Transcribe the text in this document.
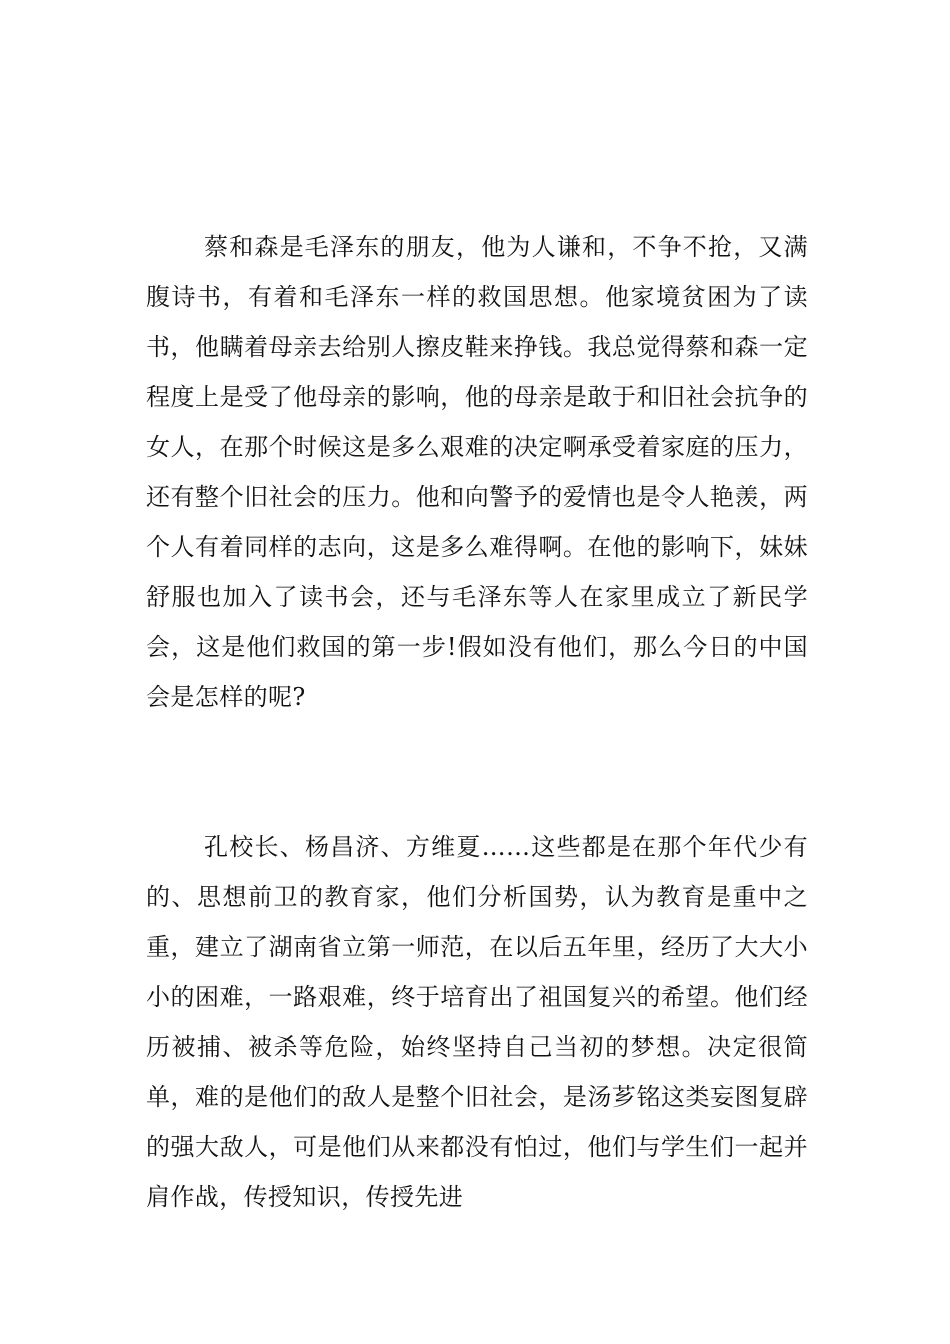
蔡和森是毛泽东的朋友，他为人谦和，不争不抢，又满腹诗书，有着和毛泽东一样的救国思想。他家境贫困为了读书，他瞒着母亲去给别人擦皮鞋来挣钱。我总觉得蔡和森一定程度上是受了他母亲的影响，他的母亲是敢于和旧社会抗争的女人，在那个时候这是多么艰难的决定啊承受着家庭的压力，还有整个旧社会的压力。他和向警予的爱情也是令人艳羡，两个人有着同样的志向，这是多么难得啊。在他的影响下，妹妹舒服也加入了读书会，还与毛泽东等人在家里成立了新民学会，这是他们救国的第一步!假如没有他们，那么今日的中国会是怎样的呢?

孔校长、杨昌济、方维夏……这些都是在那个年代少有的、思想前卫的教育家，他们分析国势，认为教育是重中之重，建立了湖南省立第一师范，在以后五年里，经历了大大小小的困难，一路艰难，终于培育出了祖国复兴的希望。他们经历被捕、被杀等危险，始终坚持自己当初的梦想。决定很简单，难的是他们的敌人是整个旧社会，是汤芗铭这类妄图复辟的强大敌人，可是他们从来都没有怕过，他们与学生们一起并肩作战，传授知识，传授先进
